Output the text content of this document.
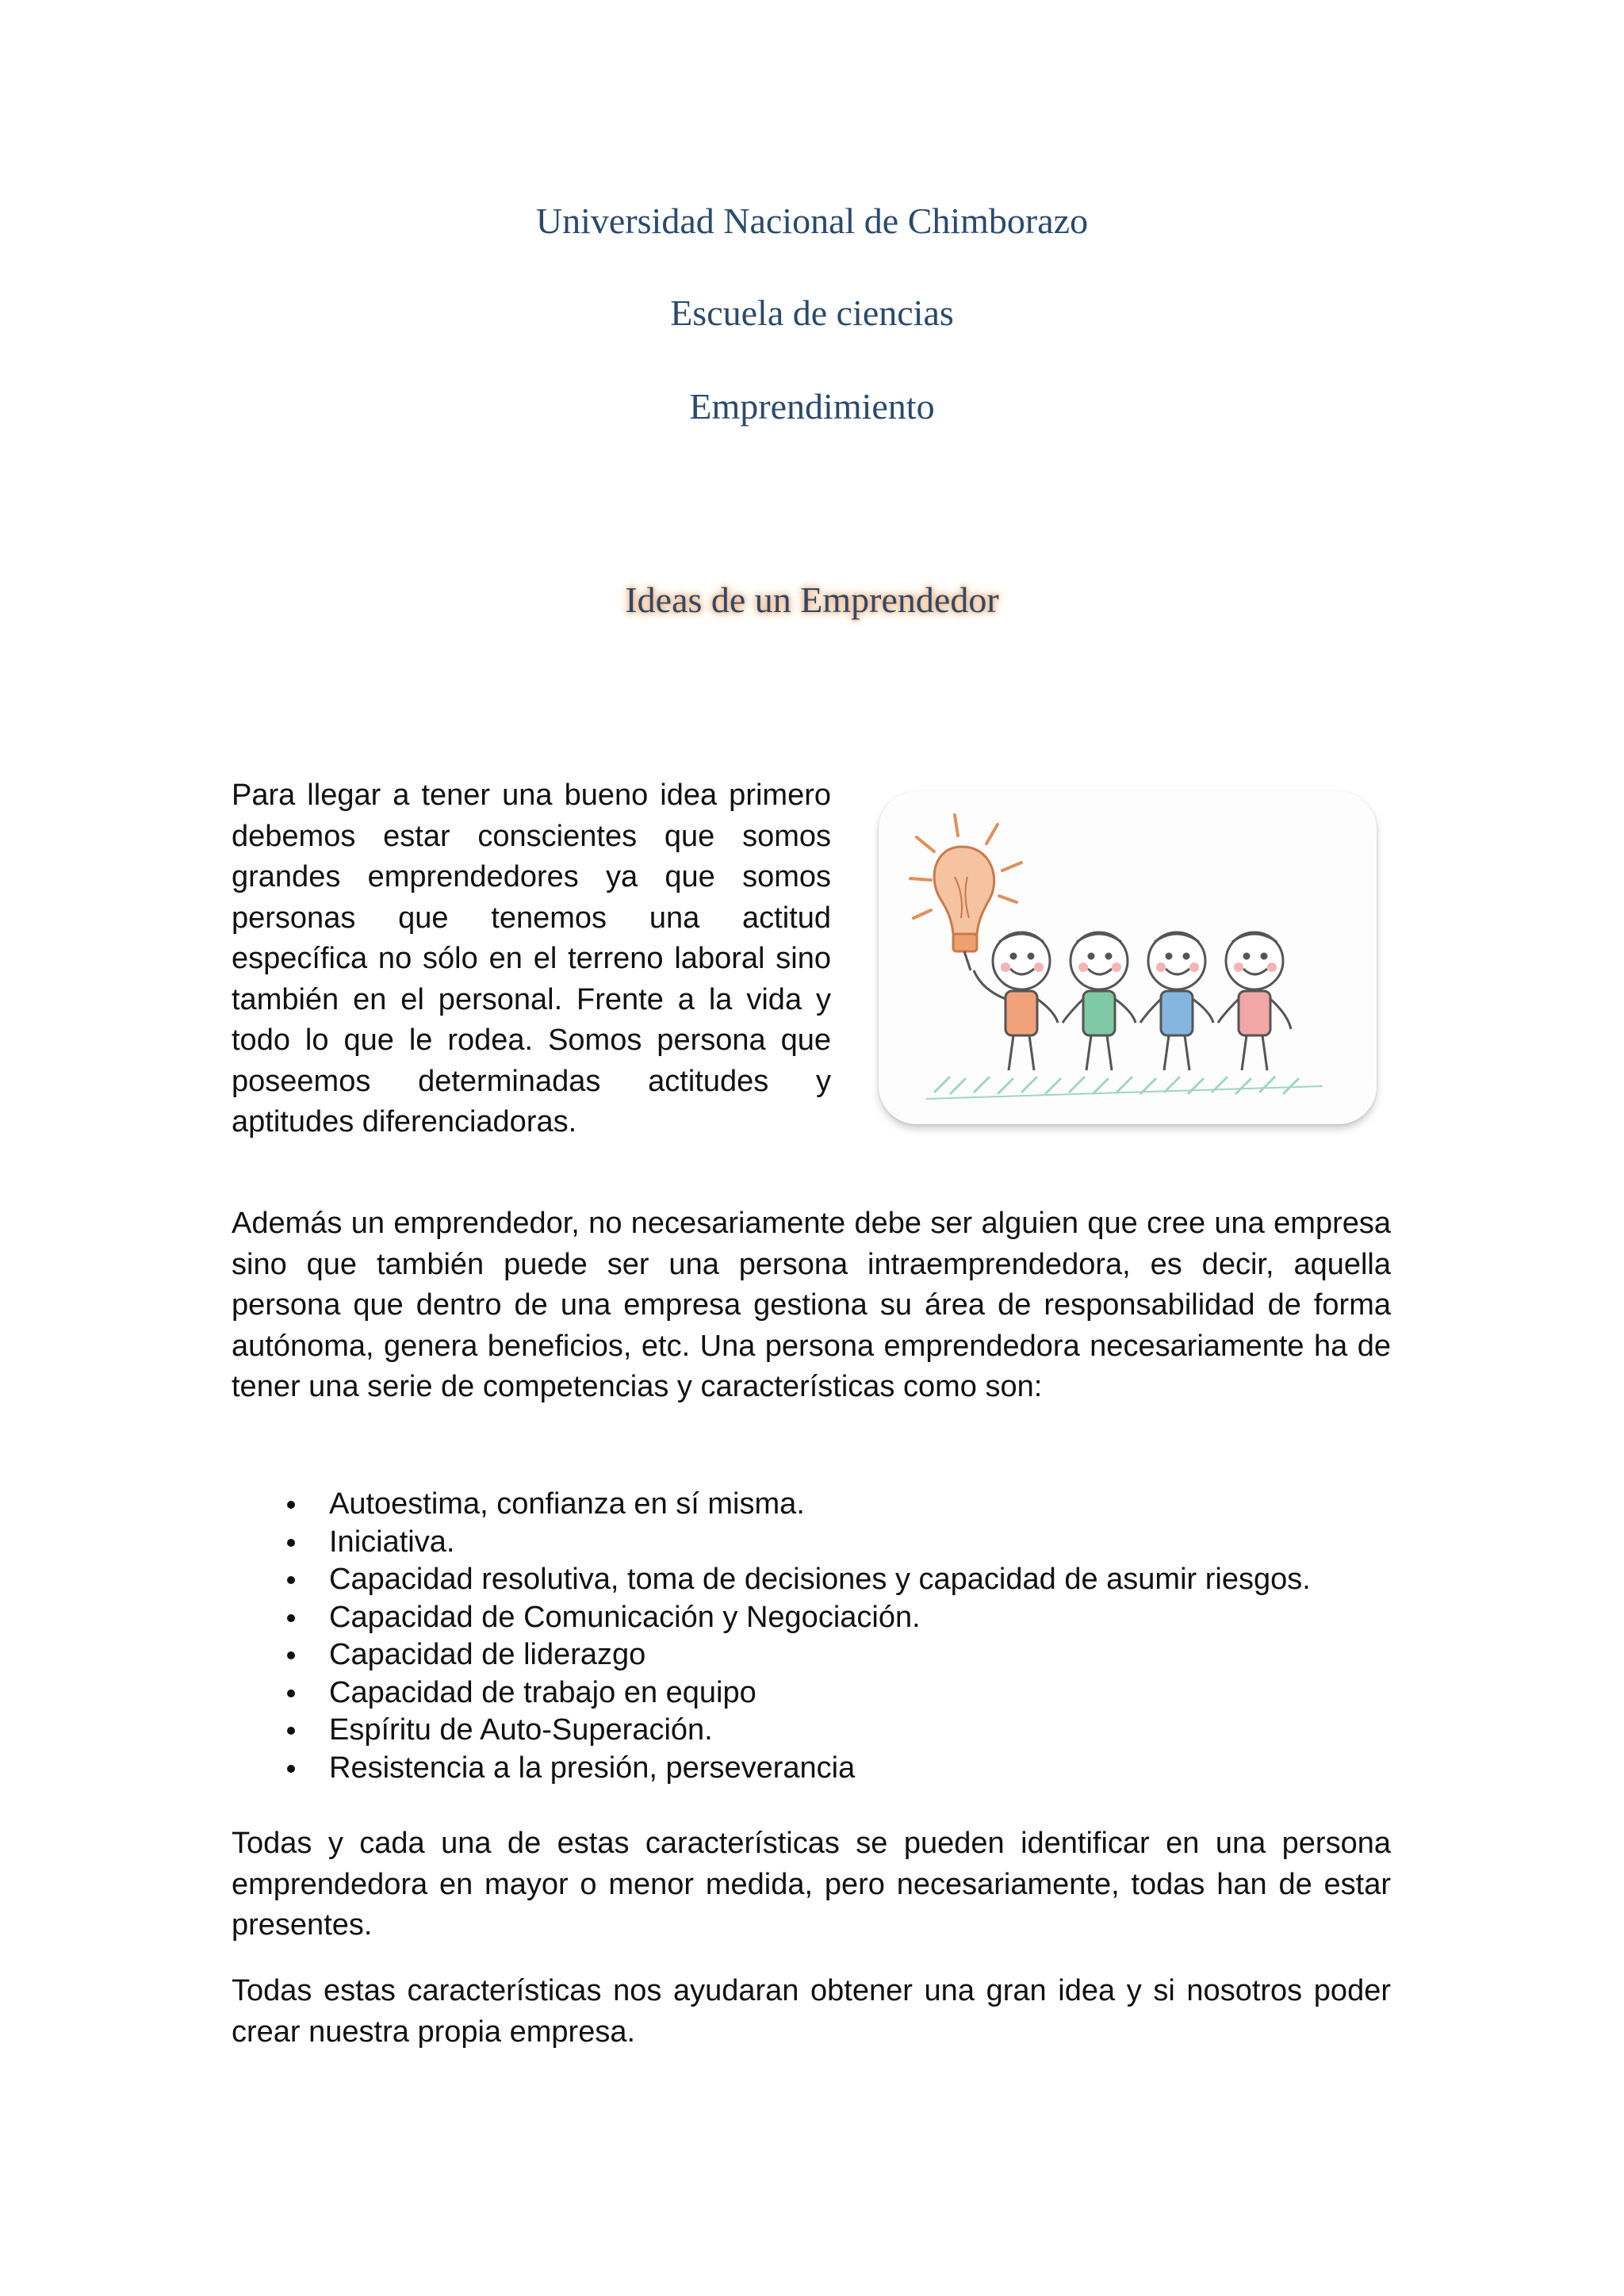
Universidad Nacional de Chimborazo
Escuela de ciencias
Emprendimiento
Ideas de un Emprendedor

Para llegar a tener una bueno idea primero debemos estar conscientes que somos grandes emprendedores ya que somos personas que tenemos una actitud específica no sólo en el terreno laboral sino también en el personal. Frente a la vida y todo lo que le rodea. Somos persona que poseemos determinadas actitudes y aptitudes diferenciadoras.

Además un emprendedor, no necesariamente debe ser alguien que cree una empresa sino que también puede ser una persona intraemprendedora, es decir, aquella persona que dentro de una empresa gestiona su área de responsabilidad de forma autónoma, genera beneficios, etc. Una persona emprendedora necesariamente ha de tener una serie de competencias y características como son:

Autoestima, confianza en sí misma.
Iniciativa.
Capacidad resolutiva, toma de decisiones y capacidad de asumir riesgos.
Capacidad de Comunicación y Negociación.
Capacidad de liderazgo
Capacidad de trabajo en equipo
Espíritu de Auto-Superación.
Resistencia a la presión, perseverancia

Todas y cada una de estas características se pueden identificar en una persona emprendedora en mayor o menor medida, pero necesariamente, todas han de estar presentes.

Todas estas características nos ayudaran obtener una gran idea y si nosotros poder crear nuestra propia empresa.
